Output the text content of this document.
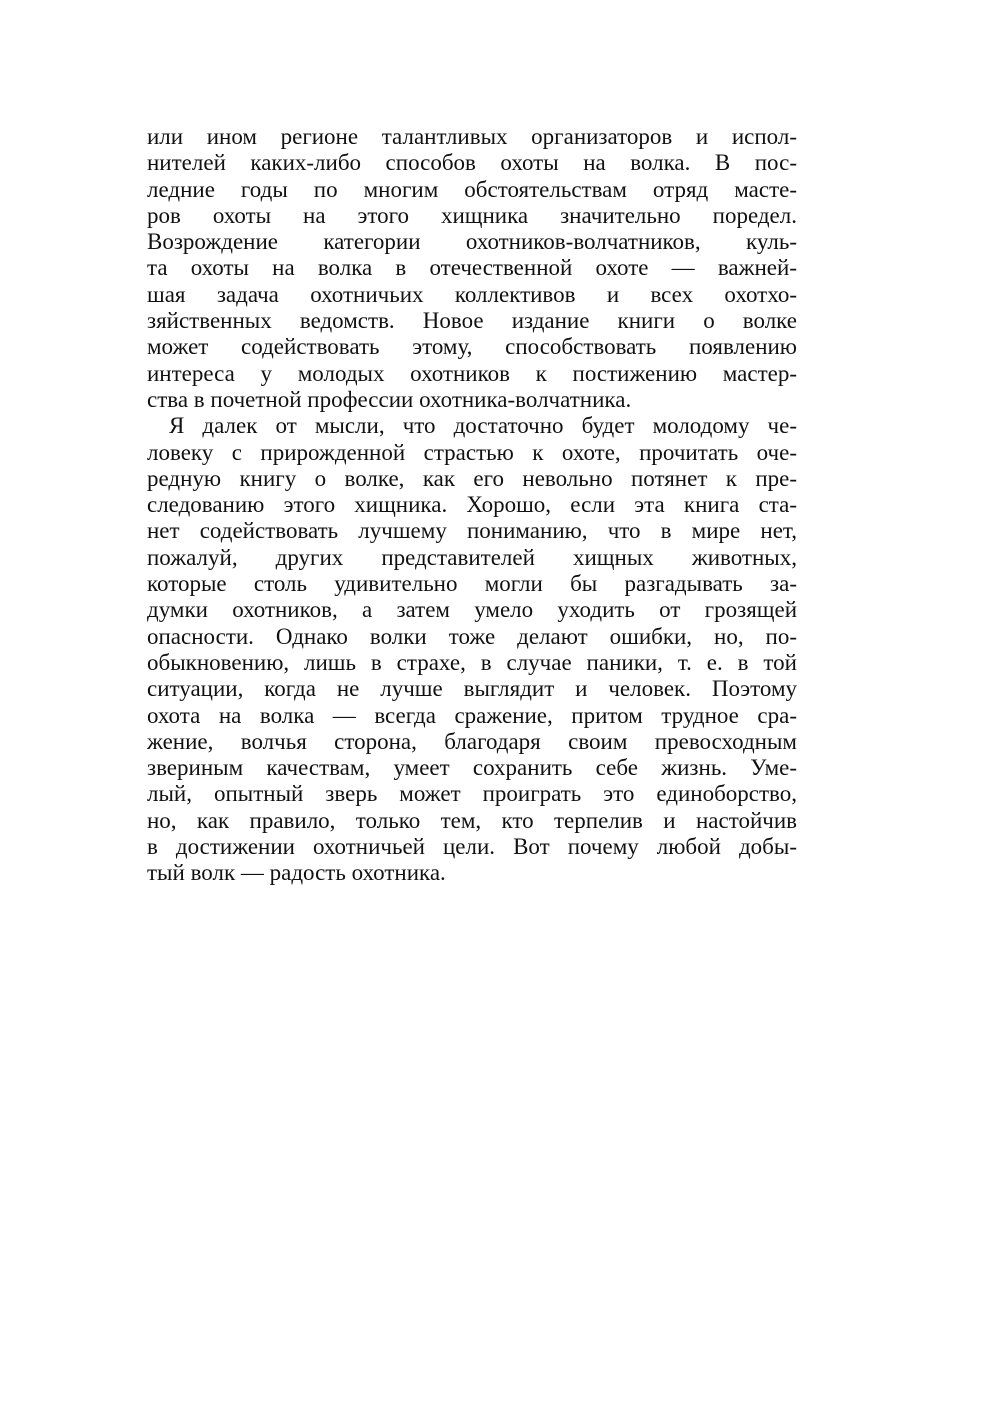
или ином регионе талантливых организаторов и испол-
нителей каких-либо способов охоты на волка. В пос-
ледние годы по многим обстоятельствам отряд масте-
ров охоты на этого хищника значительно поредел.
Возрождение категории охотников-волчатников, куль-
та охоты на волка в отечественной охоте — важней-
шая задача охотничьих коллективов и всех охотхо-
зяйственных ведомств. Новое издание книги о волке
может содействовать этому, способствовать появлению
интереса у молодых охотников к постижению мастер-
ства в почетной профессии охотника-волчатника.
Я далек от мысли, что достаточно будет молодому че-
ловеку с прирожденной страстью к охоте, прочитать оче-
редную книгу о волке, как его невольно потянет к пре-
следованию этого хищника. Хорошо, если эта книга ста-
нет содействовать лучшему пониманию, что в мире нет,
пожалуй, других представителей хищных животных,
которые столь удивительно могли бы разгадывать за-
думки охотников, а затем умело уходить от грозящей
опасности. Однако волки тоже делают ошибки, но, по-
обыкновению, лишь в страхе, в случае паники, т. е. в той
ситуации, когда не лучше выглядит и человек. Поэтому
охота на волка — всегда сражение, притом трудное сра-
жение, волчья сторона, благодаря своим превосходным
звериным качествам, умеет сохранить себе жизнь. Уме-
лый, опытный зверь может проиграть это единоборство,
но, как правило, только тем, кто терпелив и настойчив
в достижении охотничьей цели. Вот почему любой добы-
тый волк — радость охотника.
